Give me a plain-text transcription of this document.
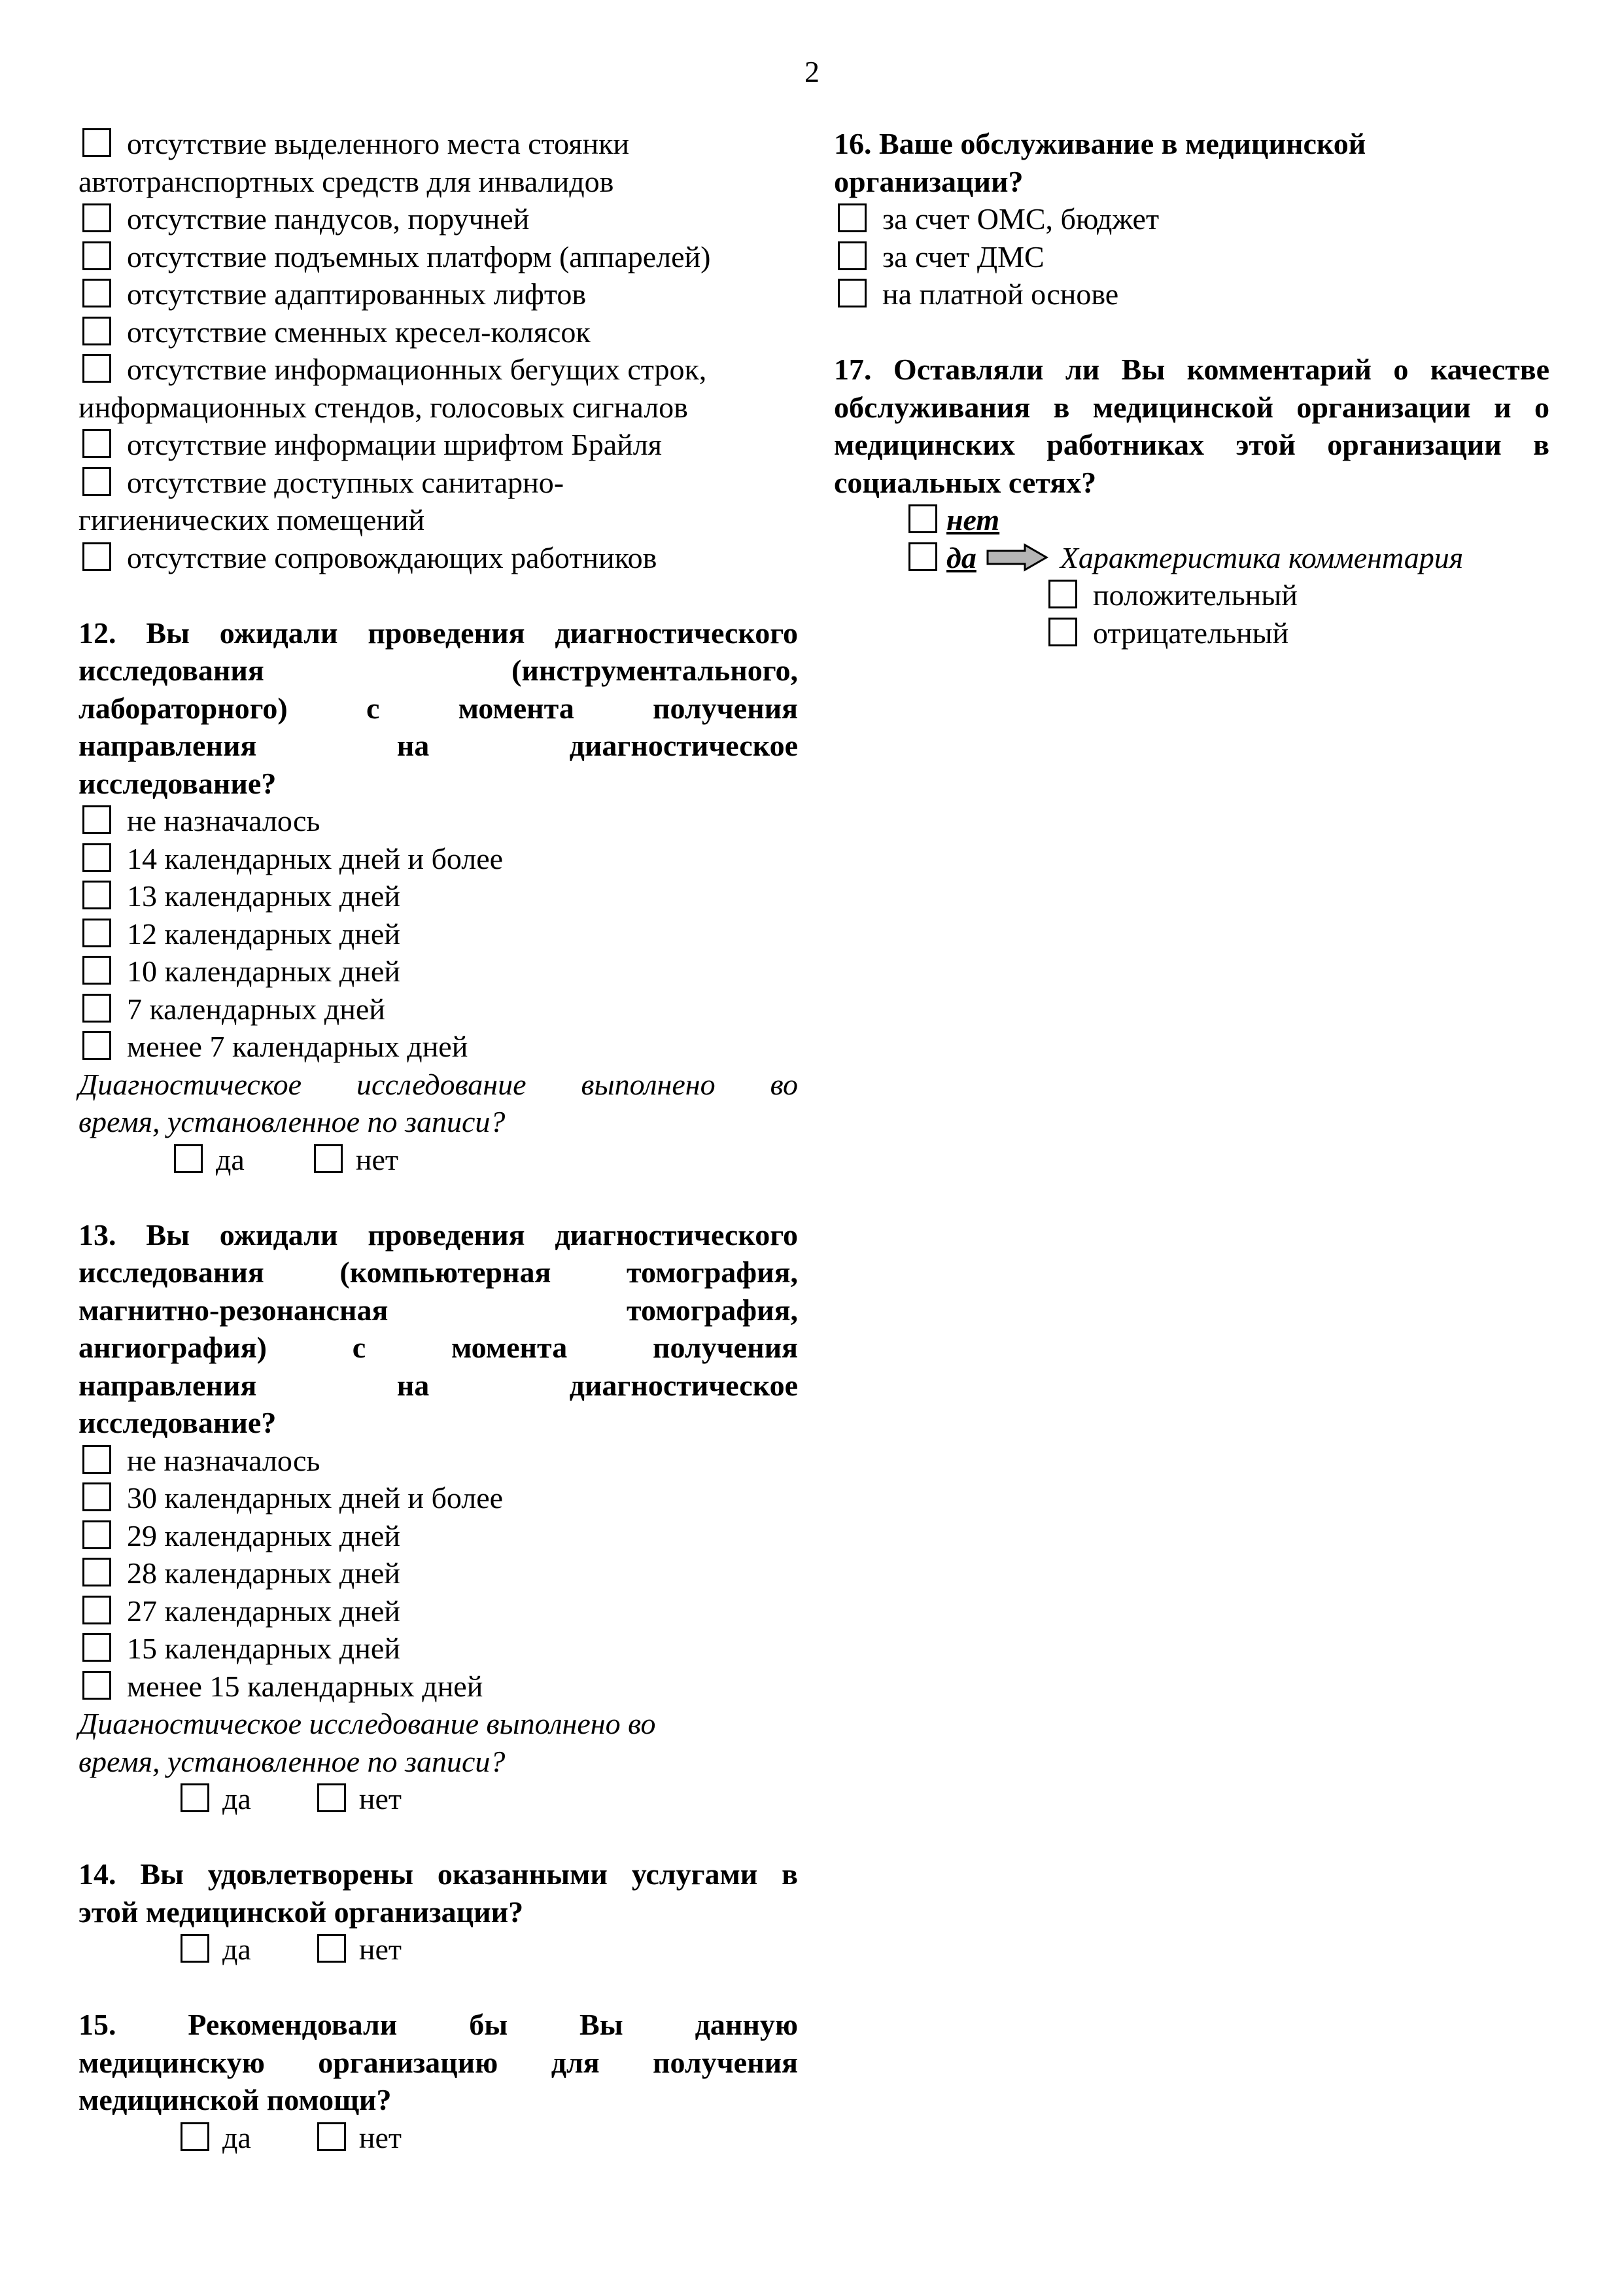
2
отсутствие выделенного места стоянки
автотранспортных средств для инвалидов
отсутствие пандусов, поручней
отсутствие подъемных платформ (аппарелей)
отсутствие адаптированных лифтов
отсутствие сменных кресел-колясок
отсутствие информационных бегущих строк,
информационных стендов, голосовых сигналов
отсутствие информации шрифтом Брайля
отсутствие доступных санитарно-
гигиенических помещений
отсутствие сопровождающих работников
12. Вы ожидали проведения диагностического
исследования (инструментального,
лабораторного) с момента получения
направления на диагностическое
исследование?
не назначалось
14 календарных дней и более
13 календарных дней
12 календарных дней
10 календарных дней
7 календарных дней
менее 7 календарных дней
Диагностическое исследование выполнено во
время, установленное по записи?
да	нет
13. Вы ожидали проведения диагностического
исследования (компьютерная томография,
магнитно-резонансная томография,
ангиография) с момента получения
направления на диагностическое
исследование?
не назначалось
30 календарных дней и более
29 календарных дней
28 календарных дней
27 календарных дней
15 календарных дней
менее 15 календарных дней
Диагностическое исследование выполнено во
время, установленное по записи?
да	нет
14. Вы удовлетворены оказанными услугами в
этой медицинской организации?
да	нет
15. Рекомендовали бы Вы данную
медицинскую организацию для получения
медицинской помощи?
да	нет
16. Ваше обслуживание в медицинской
организации?
за счет ОМС, бюджет
за счет ДМС
на платной основе
17. Оставляли ли Вы комментарий о качестве
обслуживания в медицинской организации и о
медицинских работниках этой организации в
социальных сетях?
нет
да	Характеристика комментария
положительный
отрицательный
